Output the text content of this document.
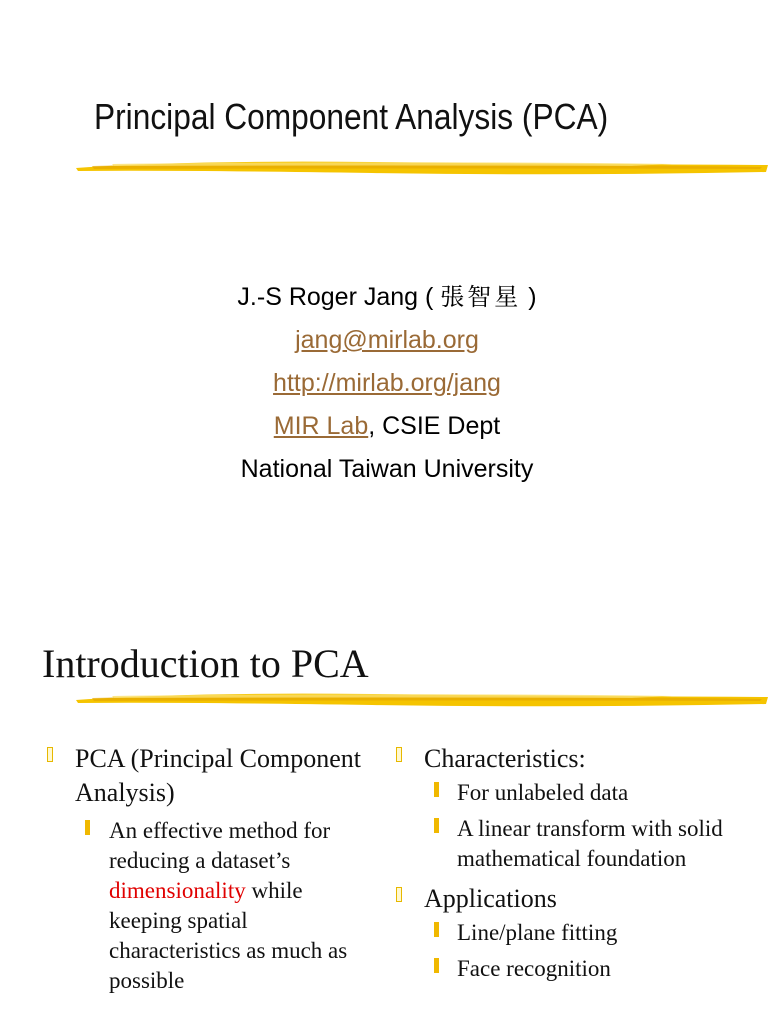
Principal Component Analysis (PCA)
J.-S Roger Jang ( 張智星 )
jang@mirlab.org
http://mirlab.org/jang
MIR Lab, CSIE Dept
National Taiwan University
Introduction to PCA
PCA (Principal Component Analysis)
An effective method for reducing a dataset’s dimensionality while keeping spatial characteristics as much as possible
Characteristics:
For unlabeled data
A linear transform with solid mathematical foundation
Applications
Line/plane fitting
Face recognition
